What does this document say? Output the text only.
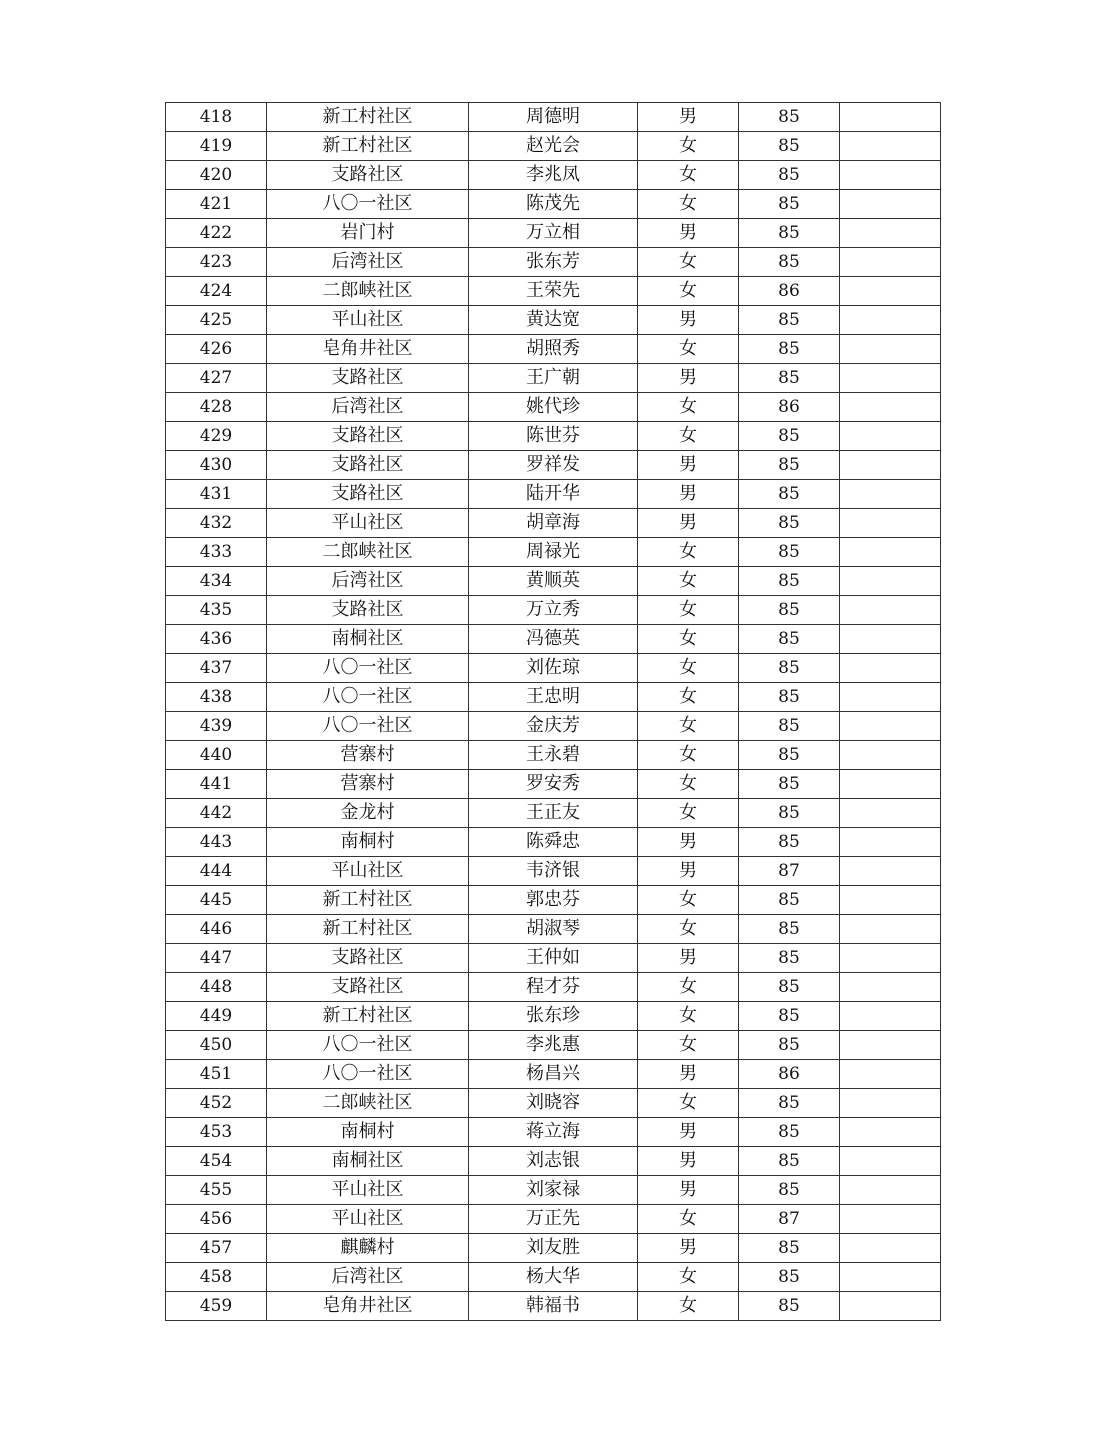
418	新工村社区	周德明	男	85	
419	新工村社区	赵光会	女	85	
420	支路社区	李兆凤	女	85	
421	八〇一社区	陈茂先	女	85	
422	岩门村	万立相	男	85	
423	后湾社区	张东芳	女	85	
424	二郎峡社区	王荣先	女	86	
425	平山社区	黄达宽	男	85	
426	皂角井社区	胡照秀	女	85	
427	支路社区	王广朝	男	85	
428	后湾社区	姚代珍	女	86	
429	支路社区	陈世芬	女	85	
430	支路社区	罗祥发	男	85	
431	支路社区	陆开华	男	85	
432	平山社区	胡章海	男	85	
433	二郎峡社区	周禄光	女	85	
434	后湾社区	黄顺英	女	85	
435	支路社区	万立秀	女	85	
436	南桐社区	冯德英	女	85	
437	八〇一社区	刘佐琼	女	85	
438	八〇一社区	王忠明	女	85	
439	八〇一社区	金庆芳	女	85	
440	营寨村	王永碧	女	85	
441	营寨村	罗安秀	女	85	
442	金龙村	王正友	女	85	
443	南桐村	陈舜忠	男	85	
444	平山社区	韦济银	男	87	
445	新工村社区	郭忠芬	女	85	
446	新工村社区	胡淑琴	女	85	
447	支路社区	王仲如	男	85	
448	支路社区	程才芬	女	85	
449	新工村社区	张东珍	女	85	
450	八〇一社区	李兆惠	女	85	
451	八〇一社区	杨昌兴	男	86	
452	二郎峡社区	刘晓容	女	85	
453	南桐村	蒋立海	男	85	
454	南桐社区	刘志银	男	85	
455	平山社区	刘家禄	男	85	
456	平山社区	万正先	女	87	
457	麒麟村	刘友胜	男	85	
458	后湾社区	杨大华	女	85	
459	皂角井社区	韩福书	女	85	
